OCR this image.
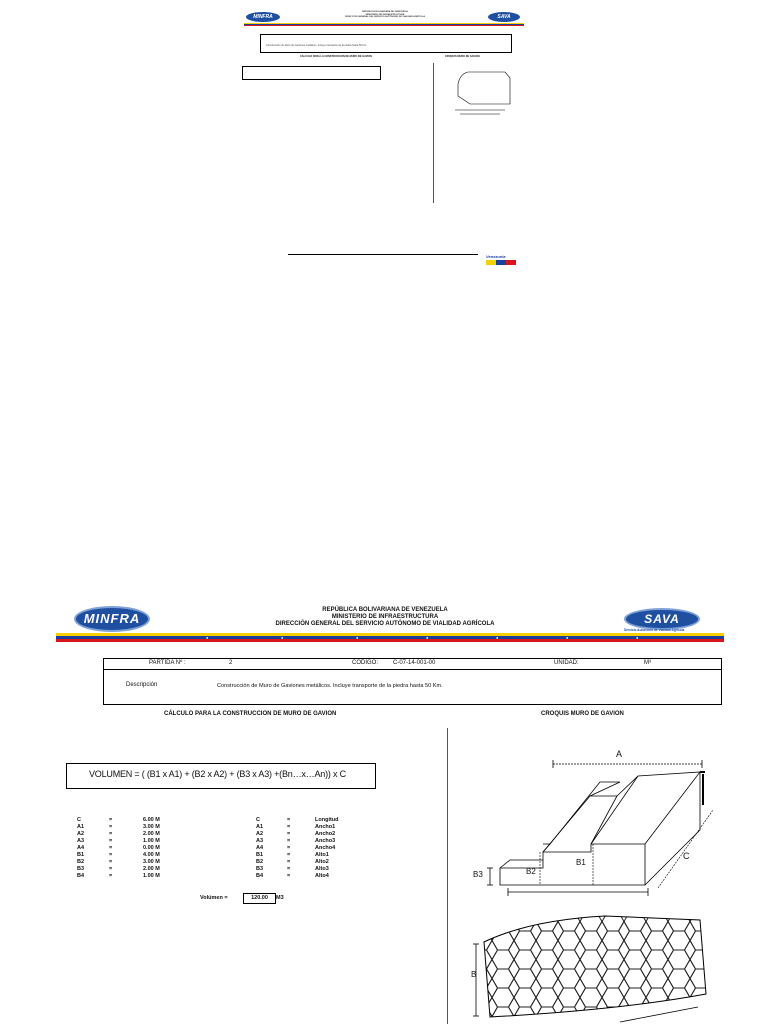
MINFRA	SAVA
REPÚBLICA BOLIVARIANA DE VENEZUELA
MINISTERIO DE INFRAESTRUCTURA
DIRECCIÓN GENERAL DEL SERVICIO AUTÓNOMO DE VIALIDAD AGRÍCOLA
Construcción de Muro de Gaviones metálicos. Incluye transporte de la piedra hasta 50 Km.
CÁLCULO PARA LA CONSTRUCCION DE MURO DE GAVION	CROQUIS MURO DE GAVION
Venezuela
MINFRA
REPÚBLICA BOLIVARIANA DE VENEZUELA
MINISTERIO DE INFRAESTRUCTURA
DIRECCIÓN GENERAL DEL SERVICIO AUTÓNOMO DE VIALIDAD AGRÍCOLA	SAVA
Servicio Autónomo de Vialidad Agrícola
●	●	●	●	●	●	●
PARTIDA Nº :	2	CODIGO: C-07-14-001-00	UNIDAD:	M³
Descripción	Construcción de Muro de Gaviones metálicos. Incluye transporte de la piedra hasta 50 Km.
CÁLCULO PARA LA CONSTRUCCION DE MURO DE GAVION	CROQUIS MURO DE GAVION
VOLUMEN = ( (B1 x A1) + (B2 x A2) + (B3 x A3) +(Bn…x…An)) x C
C	=	6.00 M
A1	=	3.00 M
A2	=	2.00 M
A3	=	1.00 M
A4	=	0.00 M
B1	=	4.00 M
B2	=	3.00 M
B3	=	2.00 M
B4	=	1.00 M
C	=	Longitud
A1	=	Ancho1
A2	=	Ancho2
A3	=	Ancho3
A4	=	Ancho4
B1	=	Alto1
B2	=	Alto2
B3	=	Alto3
B4	=	Alto4
Volúmen =	120.00	M3
A
B3	B2
B1
C
B
